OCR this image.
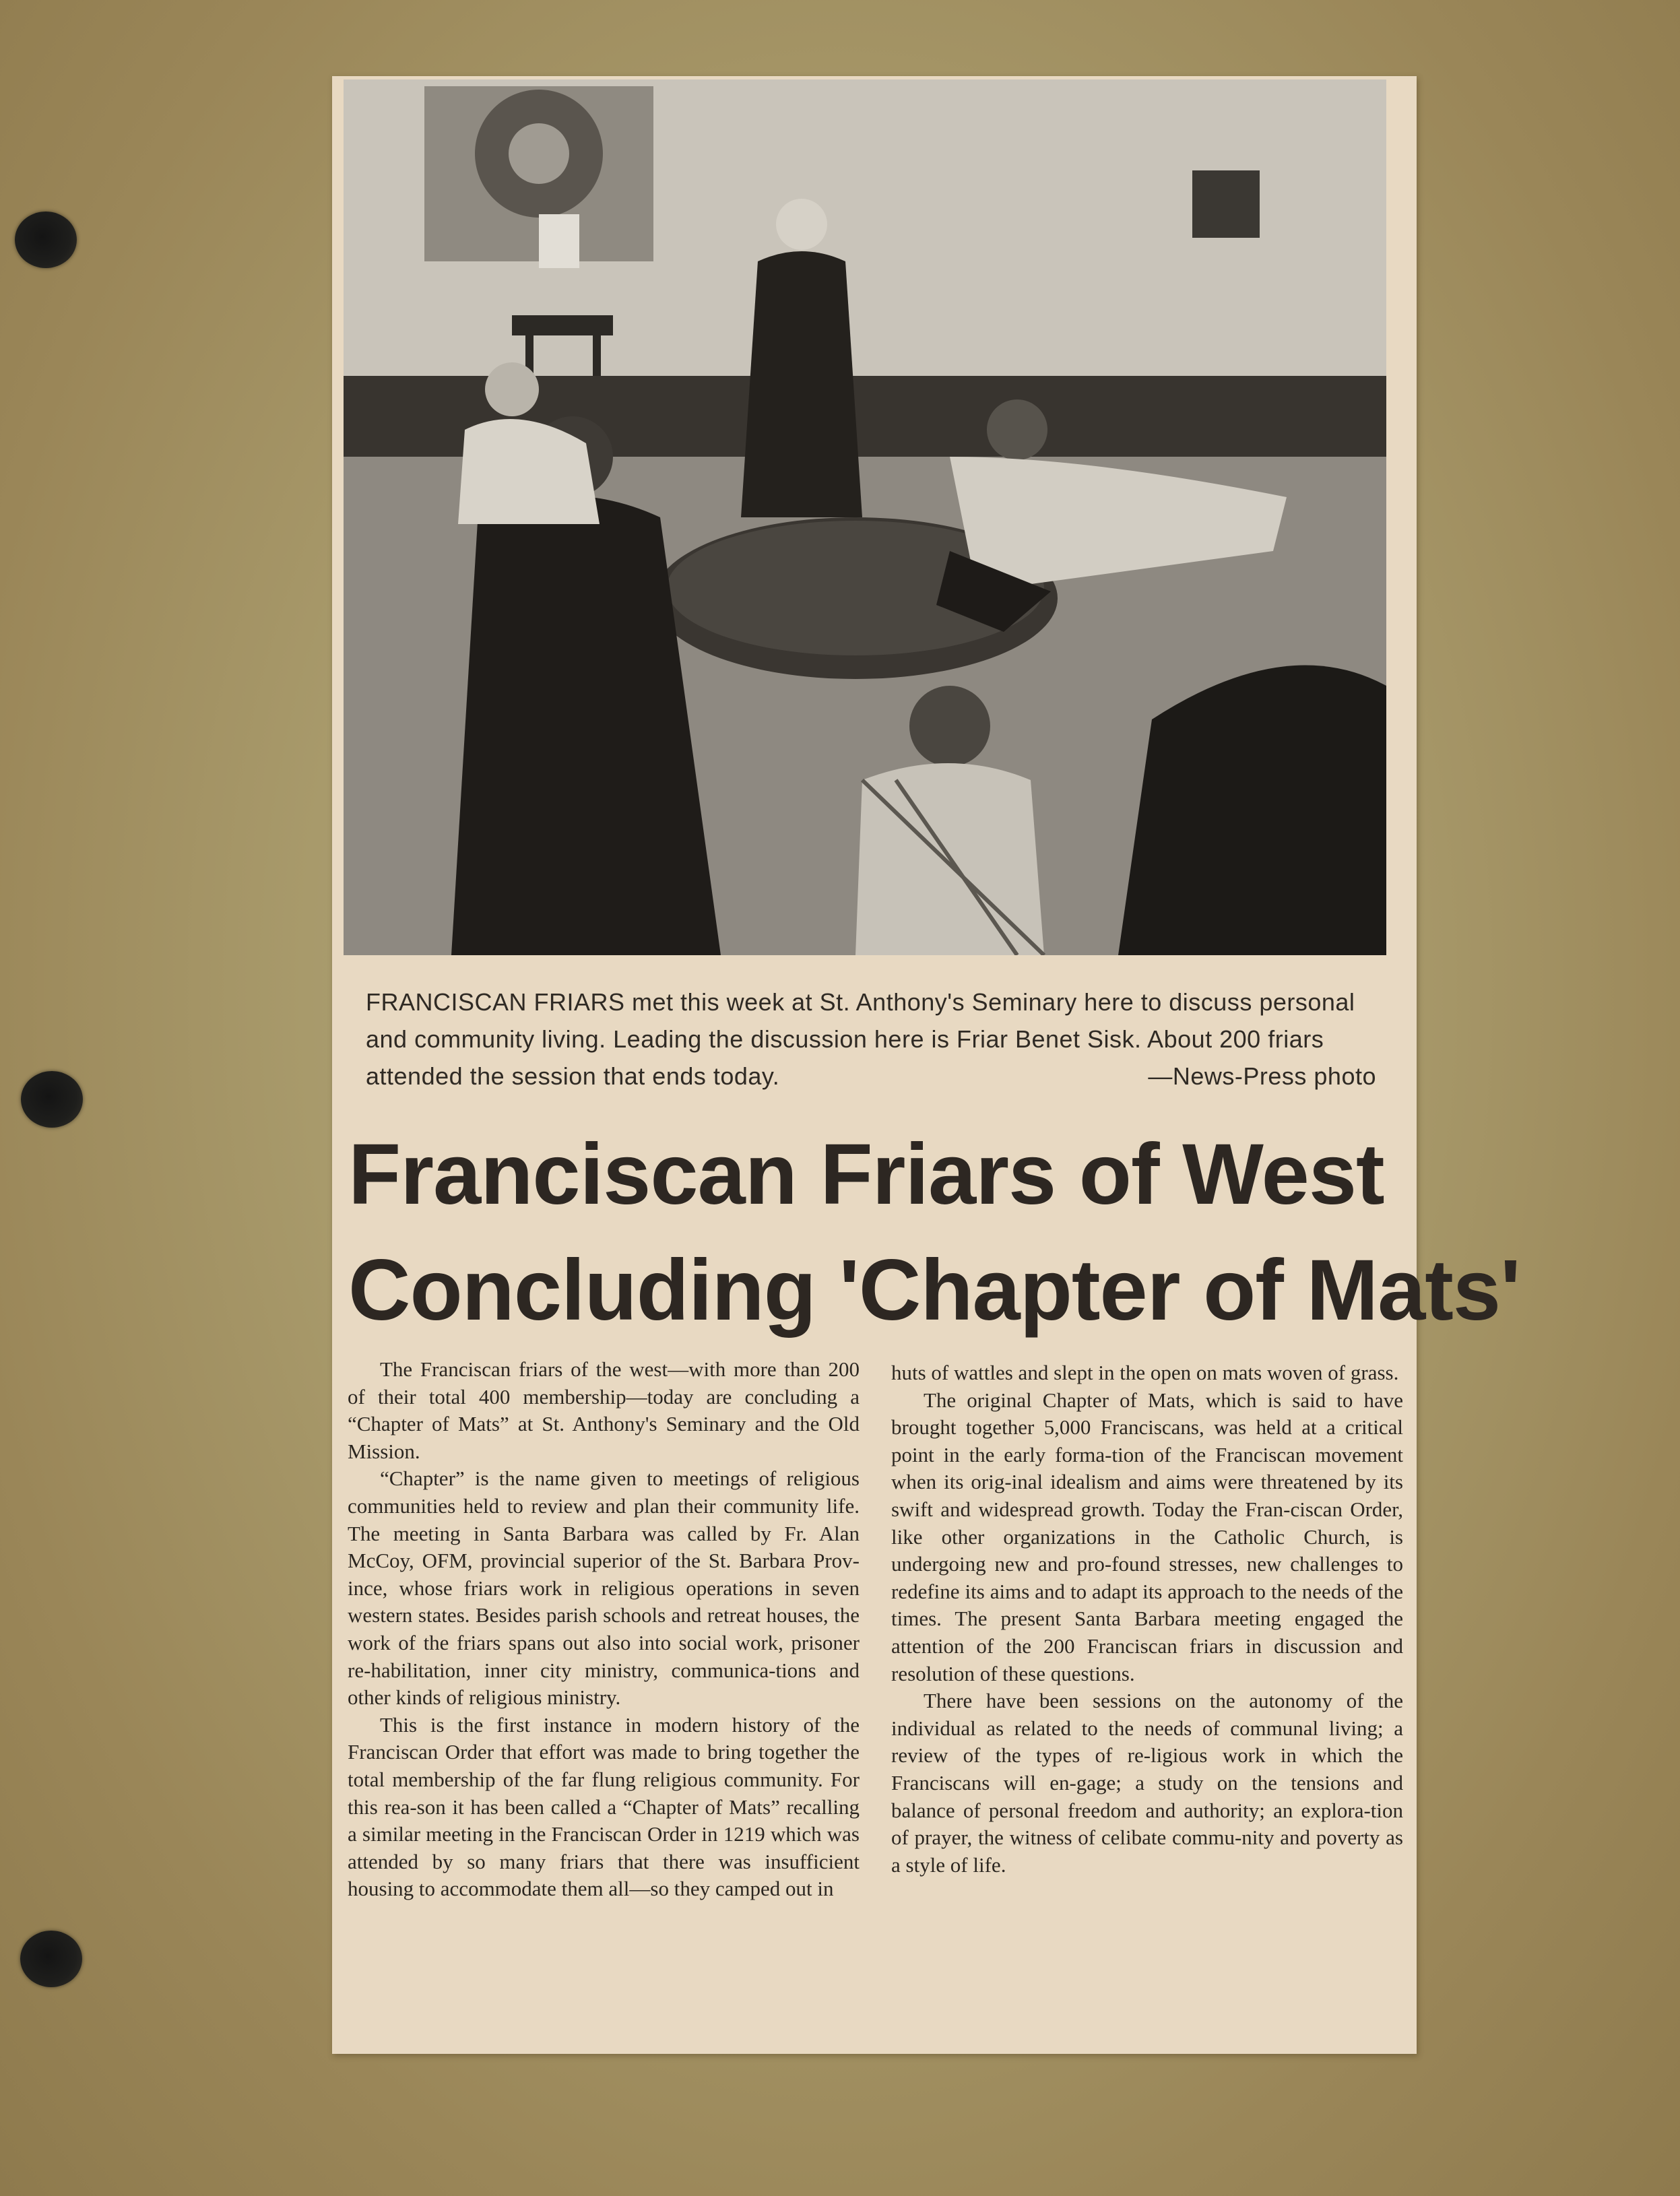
FRANCISCAN FRIARS met this week at St. Anthony's Seminary here to discuss personal and community living. Leading the discussion here is Friar Benet Sisk. About 200 friars attended the session that ends today.	—News-Press photo
Franciscan Friars of West
Concluding 'Chapter of Mats'

The Franciscan friars of the west—with more than 200 of their total 400 membership—today are concluding a “Chapter of Mats” at St. Anthony's Seminary and the Old Mission.

“Chapter” is the name given to meetings of religious communities held to review and plan their community life. The meeting in Santa Barbara was called by Fr. Alan McCoy, OFM, provincial superior of the St. Barbara Prov-ince, whose friars work in religious operations in seven western states. Besides parish schools and retreat houses, the work of the friars spans out also into social work, prisoner re-habilitation, inner city ministry, communica-tions and other kinds of religious ministry.

This is the first instance in modern history of the Franciscan Order that effort was made to bring together the total membership of the far flung religious community. For this rea-son it has been called a “Chapter of Mats” recalling a similar meeting in the Franciscan Order in 1219 which was attended by so many friars that there was insufficient housing to accommodate them all—so they camped out in

huts of wattles and slept in the open on mats woven of grass.

The original Chapter of Mats, which is said to have brought together 5,000 Franciscans, was held at a critical point in the early forma-tion of the Franciscan movement when its orig-inal idealism and aims were threatened by its swift and widespread growth. Today the Fran-ciscan Order, like other organizations in the Catholic Church, is undergoing new and pro-found stresses, new challenges to redefine its aims and to adapt its approach to the needs of the times. The present Santa Barbara meeting engaged the attention of the 200 Franciscan friars in discussion and resolution of these questions.

There have been sessions on the autonomy of the individual as related to the needs of communal living; a review of the types of re-ligious work in which the Franciscans will en-gage; a study on the tensions and balance of personal freedom and authority; an explora-tion of prayer, the witness of celibate commu-nity and poverty as a style of life.
